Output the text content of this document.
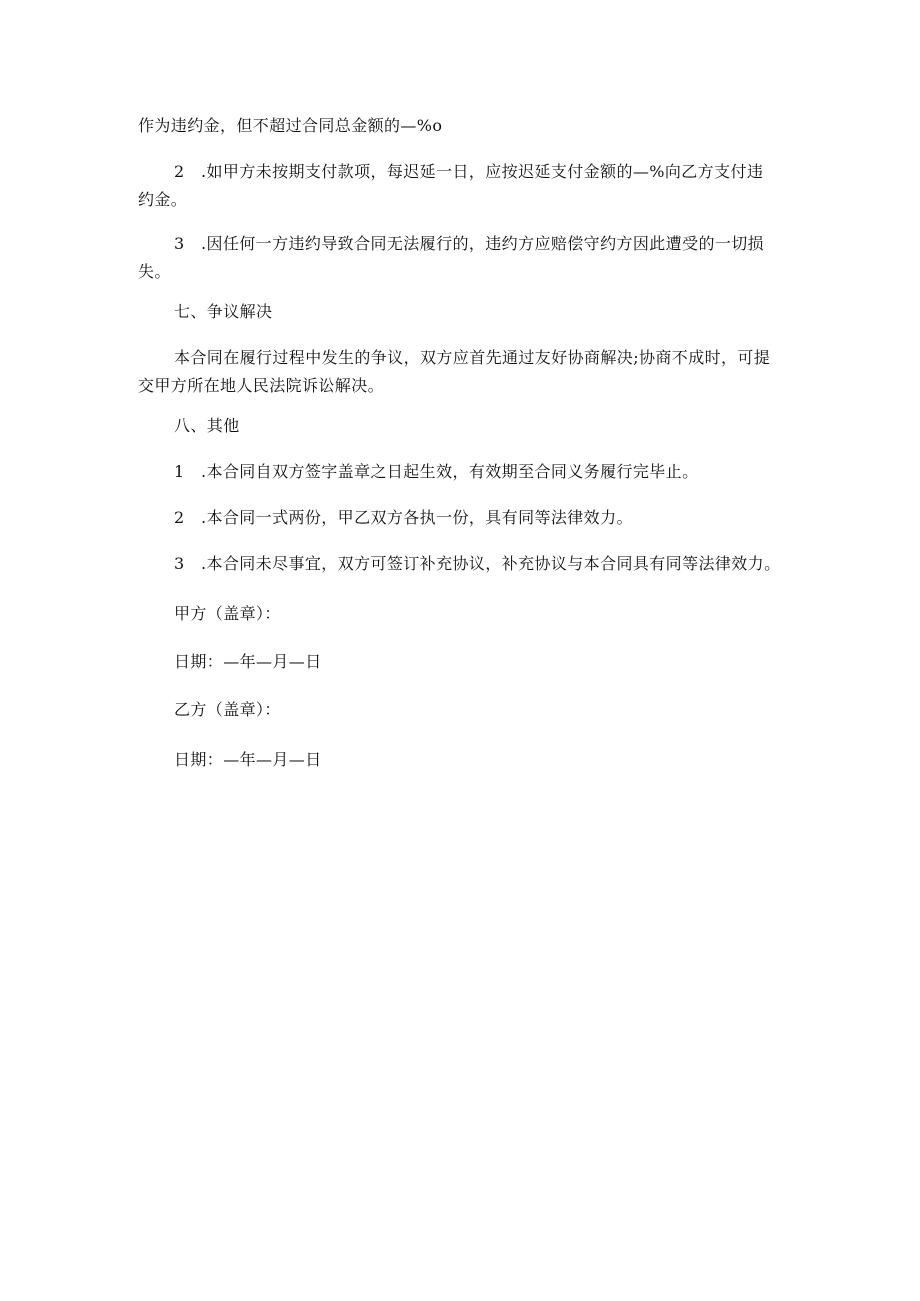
作为违约金，但不超过合同总金额的—%o

2　.如甲方未按期支付款项，每迟延一日，应按迟延支付金额的—%向乙方支付违约金。

3　.因任何一方违约导致合同无法履行的，违约方应赔偿守约方因此遭受的一切损失。

七、争议解决

本合同在履行过程中发生的争议，双方应首先通过友好协商解决;协商不成时，可提交甲方所在地人民法院诉讼解决。

八、其他

1　.本合同自双方签字盖章之日起生效，有效期至合同义务履行完毕止。

2　.本合同一式两份，甲乙双方各执一份，具有同等法律效力。

3　.本合同未尽事宜，双方可签订补充协议，补充协议与本合同具有同等法律效力。

甲方（盖章）：

日期：—年—月—日

乙方（盖章）：

日期：—年—月—日
